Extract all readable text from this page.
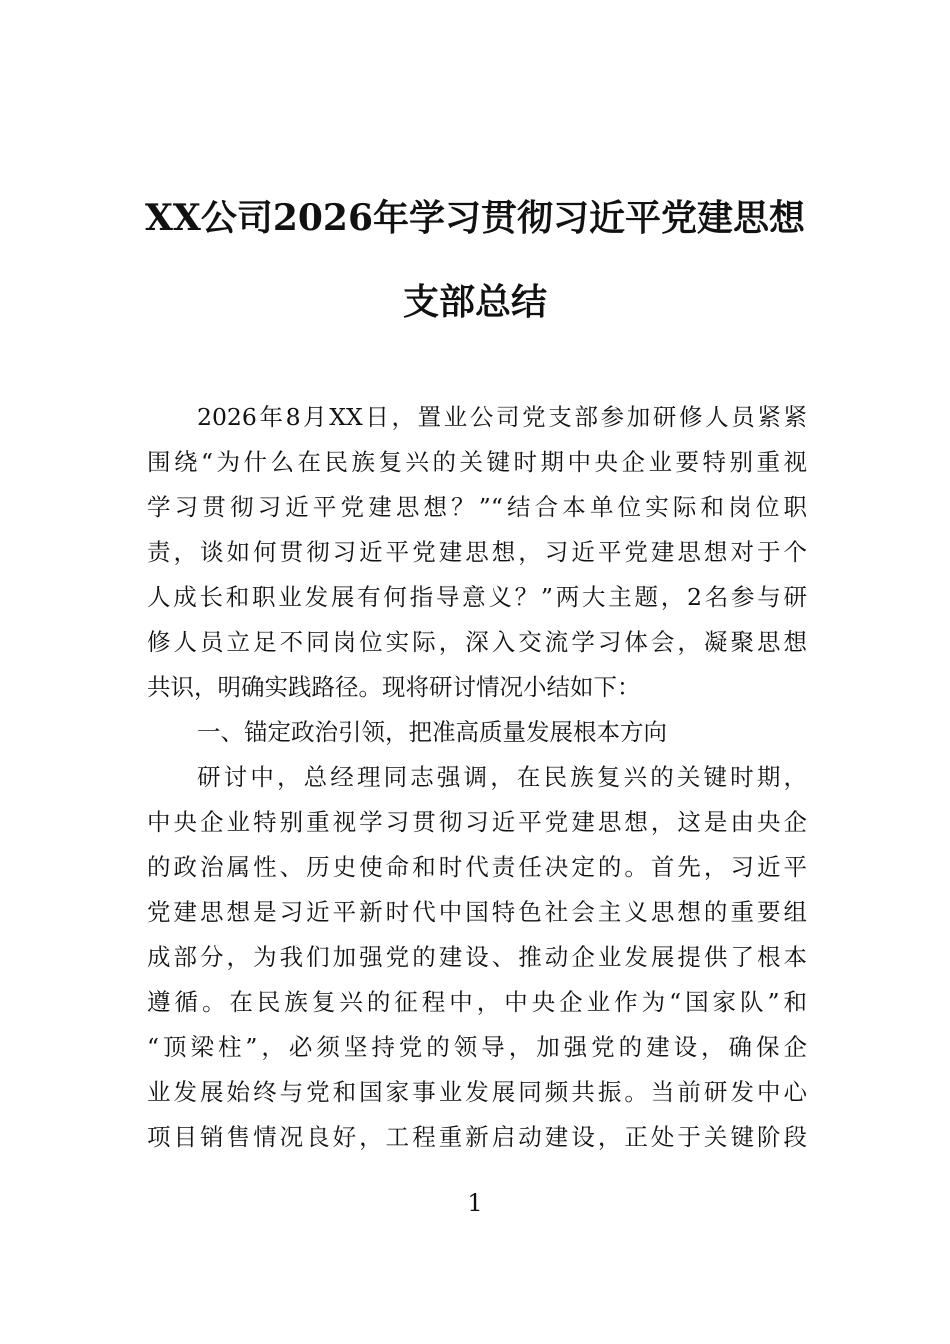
XX公司2026年学习贯彻习近平党建思想
支部总结
2026年8月XX日，置业公司党支部参加研修人员紧紧
围绕“为什么在民族复兴的关键时期中央企业要特别重视
学习贯彻习近平党建思想？”“结合本单位实际和岗位职
责，谈如何贯彻习近平党建思想，习近平党建思想对于个
人成长和职业发展有何指导意义？”两大主题，2名参与研
修人员立足不同岗位实际，深入交流学习体会，凝聚思想
共识，明确实践路径。现将研讨情况小结如下：
一、锚定政治引领，把准高质量发展根本方向
研讨中，总经理同志强调，在民族复兴的关键时期，
中央企业特别重视学习贯彻习近平党建思想，这是由央企
的政治属性、历史使命和时代责任决定的。首先，习近平
党建思想是习近平新时代中国特色社会主义思想的重要组
成部分，为我们加强党的建设、推动企业发展提供了根本
遵循。在民族复兴的征程中，中央企业作为“国家队”和
“顶梁柱”，必须坚持党的领导，加强党的建设，确保企
业发展始终与党和国家事业发展同频共振。当前研发中心
项目销售情况良好，工程重新启动建设，正处于关键阶段
1
